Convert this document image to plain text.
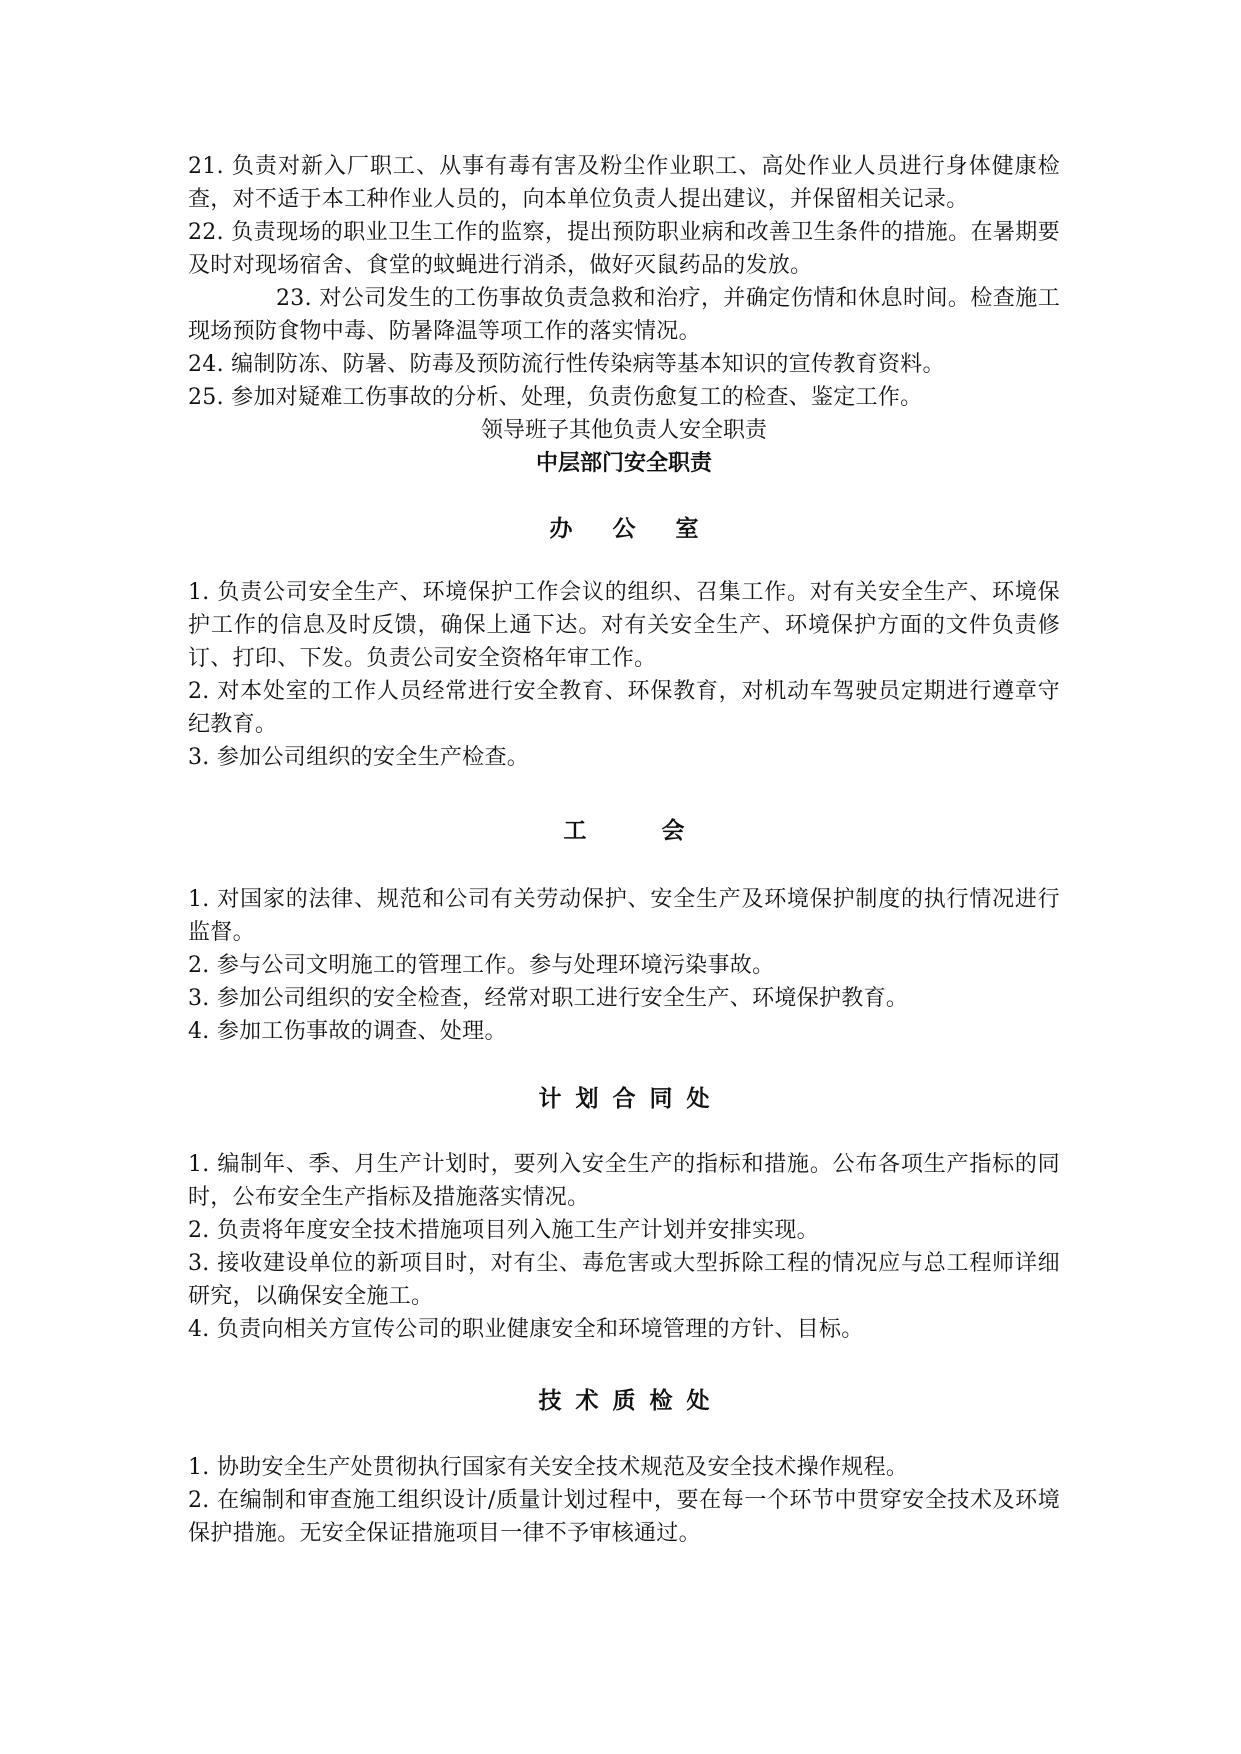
21. 负责对新入厂职工、从事有毒有害及粉尘作业职工、高处作业人员进行身体健康检查，对不适于本工种作业人员的，向本单位负责人提出建议，并保留相关记录。

22. 负责现场的职业卫生工作的监察，提出预防职业病和改善卫生条件的措施。在暑期要及时对现场宿舍、食堂的蚊蝇进行消杀，做好灭鼠药品的发放。

23. 对公司发生的工伤事故负责急救和治疗，并确定伤情和休息时间。检查施工现场预防食物中毒、防暑降温等项工作的落实情况。

24. 编制防冻、防暑、防毒及预防流行性传染病等基本知识的宣传教育资料。

25. 参加对疑难工伤事故的分析、处理，负责伤愈复工的检查、鉴定工作。

领导班子其他负责人安全职责
中层部门安全职责
办公室

1. 负责公司安全生产、环境保护工作会议的组织、召集工作。对有关安全生产、环境保护工作的信息及时反馈，确保上通下达。对有关安全生产、环境保护方面的文件负责修订、打印、下发。负责公司安全资格年审工作。

2. 对本处室的工作人员经常进行安全教育、环保教育，对机动车驾驶员定期进行遵章守纪教育。

3. 参加公司组织的安全生产检查。

工会

1. 对国家的法律、规范和公司有关劳动保护、安全生产及环境保护制度的执行情况进行监督。

2. 参与公司文明施工的管理工作。参与处理环境污染事故。

3. 参加公司组织的安全检查，经常对职工进行安全生产、环境保护教育。

4. 参加工伤事故的调查、处理。

计划合同处

1. 编制年、季、月生产计划时，要列入安全生产的指标和措施。公布各项生产指标的同时，公布安全生产指标及措施落实情况。

2. 负责将年度安全技术措施项目列入施工生产计划并安排实现。

3. 接收建设单位的新项目时，对有尘、毒危害或大型拆除工程的情况应与总工程师详细研究，以确保安全施工。

4. 负责向相关方宣传公司的职业健康安全和环境管理的方针、目标。

技术质检处

1. 协助安全生产处贯彻执行国家有关安全技术规范及安全技术操作规程。

2. 在编制和审查施工组织设计/质量计划过程中，要在每一个环节中贯穿安全技术及环境保护措施。无安全保证措施项目一律不予审核通过。
